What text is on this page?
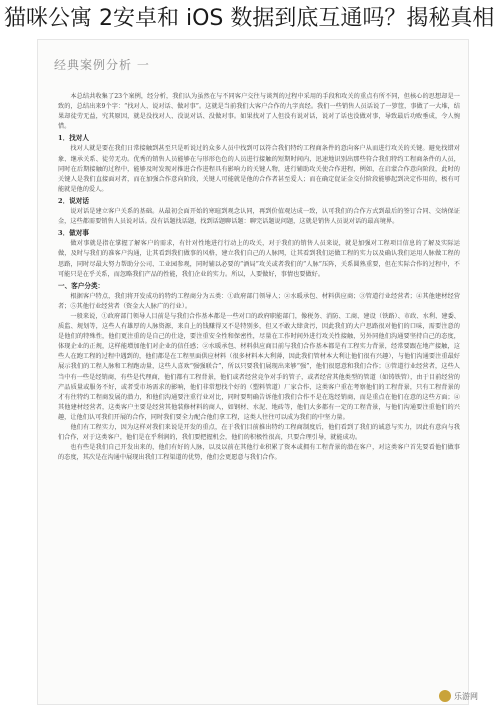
猫咪公寓 2安卓和 iOS 数据到底互通吗？揭秘真相
经典案例分析 一

本总结共收集了23个案例，经分析，我们认为虽然在与不同客户交往与谈判的过程中采用的手段和攻关的重点有所不同，但核心的思想却是一致的，总结出来9个字：“找对人、说对话、做对事”。这就是当前我们大客户合作的九字真经。我们一些销售人员话说了一箩筐，事做了一大堆，结果却徒劳无益，究其原因，就是没找对人、没说对话、没做对事。如果找对了人但没有说对话，说对了话也没做对事，导致最后功败垂成，令人惋惜。

1．找对人

找对人就是要在我们日常接触到甚至只是听说过的众多人员中找到可以符合我们特约工程商条件的意向客户从而进行攻关的关键。避免找错对象、继承关系、徒劳无功。优秀的销售人员能够在与形形色色的人员进行接触的短期时间内，迅速地识别出那些符合我们特约工程商条件的人员，同时在后期接触的过程中，能够及时发现对推进合作进程具有影响力的关键人物，进行辅助攻关使合作进程，例如，在启蒙合作意向阶段，此时的关键人是我们直接面对者，而在加强合作意向阶段，关键人可能就是他的合作者甚至爱人；而在确定促证金交付阶段能够起到决定作用的，极有可能就是他的爱人。

2．说对话

说对话是建立客户关系的基础。从最初会面开始的寒暄到观念认同，再到价值观达成一致，认可我们的合作方式到最后的签订合同、交纳保证金，这些都需要销售人员说对话。没有话题找话题，找到话题聊话题：聊完话题说问题，这就是销售人员说对话的最高境界。

3．做对事

做对事就是指在掌握了解客户的需求，有针对性地进行行动上的攻关，对于我们的销售人员来说，就是加强对工程项目信息的了解及实际运做，及时与我们的准客户沟通，让其看到我们做事的风格，建立我们自己的人脉网，让其看到我们运做工程的实力以及确认我们运用人脉做工程的思路，同时尽最大努力帮助分公司、工业园参观，同时辅以必要的“酒局”攻关或者我们的“人脉”压阵，关系圆熟重要，但在实际合作的过程中，不可能只是在乎关系，而忽略我们产品的性能，我们企业的实力。所以，人要做好，事情也要做好。

一、客户分类：

根据客户特点，我们将开发成功的特约工程商分为五类：①政府部门领导人；②水暖承包、材料供应商；③管道行业经营者；④其他建材经营者；⑤其他行业经营者（资金大人脉广的行业）。

一般来说，①政府部门领导人目前是与我们合作基本都是一些对口的政府职能部门，像税务、消防、工商、建设（铁路）、市政、水利、建委、质监、规划等，这些人有雄厚的人脉资源，来自上的钱赚得又不是特别多，但又不敢大肆贪污，因此我们的大户思路很对他们的口味，需要注意的是他们的特殊性，他们更注重的是自己的仕途，要注重安全性和保密性，尽量在工作时间外进行攻关性接触，另外同他们沟通要坚持自己的态度，体现企业的正规，这样能增加他们对企业的信任感；②水暖承包、材料供应商目前与我们合作基本都是有工程实力背景，经常要跟在地产接触，这些人在跑工程的过程中遇到的，他们都是在工程里面供应材料（很多材料本大利薄，因此我们管材本大利让他们很有兴趣），与他们沟通要注重最好展示我们的工程人脉和工程跑动量，这些人喜欢“强强联合”，所以只要我们展现出来够“强”，他们很愿意和我们合作；③管道行业经营者，这些人当中有一些是经销商，有些是代理商，他们都有工程背景，他们或者经营竞争对手的管子，或者经营其他类型的管道（如铸铁管），由于目前经营的产品质量或服务不好，或者受市场需求的影响，他们非常想找个好的（塑料管道）厂家合作，这类客户重在考察他们的工程背景，只有工程背景的才有往特约工程商发展的潜力，和他们沟通要注重行业对比，同时要明确告诉他们我们合作不是在选经销商，而是重点在他们在意的这些方面；④其他建材经营者，这类客户主要是经营其他装修材料的商人，如钢材、水泥、地砖等，他们大多都有一定的工程背景，与他们沟通要注重他们的兴趣，让他们认可我们开展的合作，同时我们要全力配合他们拿工程，这类人往往可以成为我们的中坚力量。

他们有工程实力，因为这样对我们来说是开发的重点，在于我们目前推出特约工程商制度后，他们看到了我们的诚意与实力，因此有意向与我们合作，对于这类客户，他们是在乎利润的，我们要把握机会，他们的积极性很高，只要合理引导，就能成功。

也有些是我们自己开发出来的，他们有好的人脉，以及以前在其他行业积累了资本或拥有工程背景的潜在客户，对这类客户首先要看他们做事的态度，其次是在沟通中展现出我们工程渠道的优势，他们会更愿意与我们合作。

乐游网
